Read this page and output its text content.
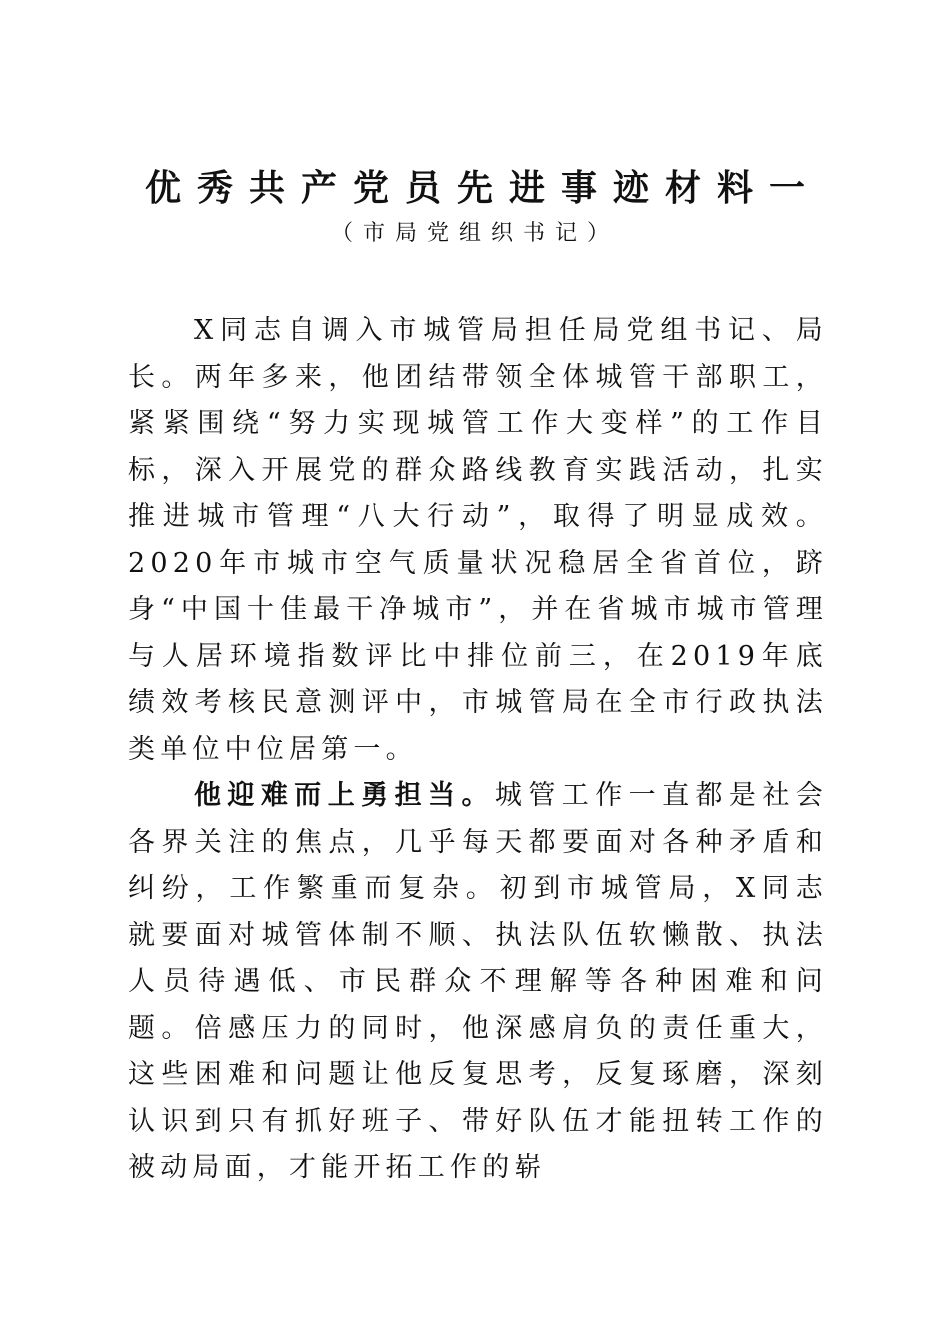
优秀共产党员先进事迹材料一
（市局党组织书记）

X同志自调入市城管局担任局党组书记、局长。两年多来，他团结带领全体城管干部职工，紧紧围绕“努力实现城管工作大变样”的工作目标，深入开展党的群众路线教育实践活动，扎实推进城市管理“八大行动”，取得了明显成效。2020年市城市空气质量状况稳居全省首位，跻身“中国十佳最干净城市”，并在省城市城市管理与人居环境指数评比中排位前三，在2019年底绩效考核民意测评中，市城管局在全市行政执法类单位中位居第一。

他迎难而上勇担当。城管工作一直都是社会各界关注的焦点，几乎每天都要面对各种矛盾和纠纷，工作繁重而复杂。初到市城管局，X同志就要面对城管体制不顺、执法队伍软懒散、执法人员待遇低、市民群众不理解等各种困难和问题。倍感压力的同时，他深感肩负的责任重大，这些困难和问题让他反复思考，反复琢磨，深刻认识到只有抓好班子、带好队伍才能扭转工作的被动局面，才能开拓工作的崭
